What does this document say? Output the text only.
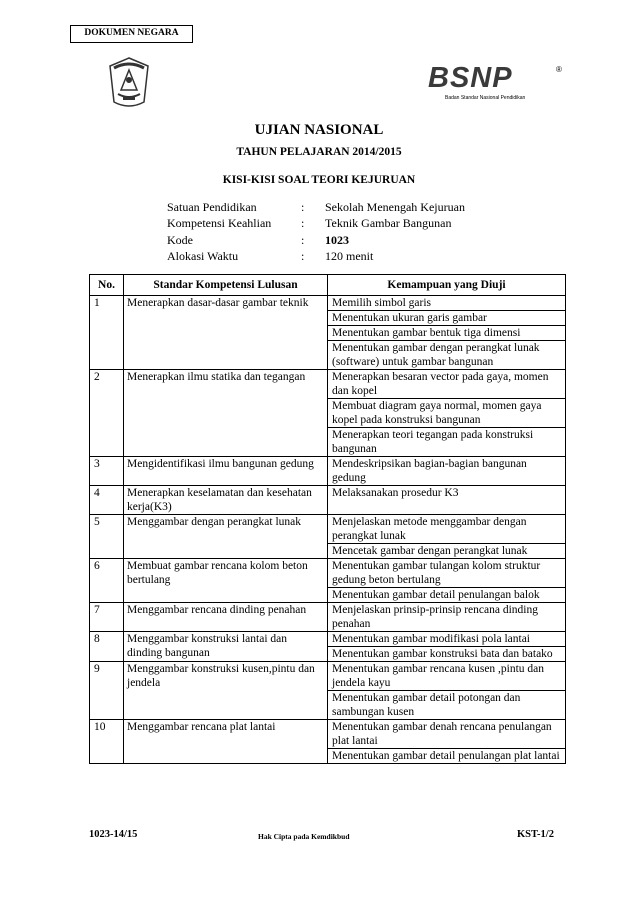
DOKUMEN NEGARA
BSNP	®
Badan Standar Nasional Pendidikan
UJIAN NASIONAL
TAHUN PELAJARAN 2014/2015
KISI-KISI SOAL TEORI KEJURUAN
Satuan Pendidikan	:	Sekolah Menengah Kejuruan
Kompetensi Keahlian	:	Teknik Gambar Bangunan
Kode	:	1023
Alokasi Waktu	:	120 menit
No.	Standar Kompetensi Lulusan	Kemampuan yang Diuji
1	Menerapkan dasar-dasar gambar teknik	Memilih simbol garis
		Menentukan ukuran garis gambar
		Menentukan gambar bentuk tiga dimensi
		Menentukan gambar dengan perangkat lunak (software) untuk gambar bangunan
2	Menerapkan ilmu statika dan tegangan	Menerapkan besaran vector pada gaya, momen dan kopel
		Membuat diagram gaya normal, momen gaya kopel pada konstruksi bangunan
		Menerapkan teori tegangan pada konstruksi bangunan
3	Mengidentifikasi ilmu bangunan gedung	Mendeskripsikan bagian-bagian bangunan gedung
4	Menerapkan keselamatan dan kesehatan kerja(K3)	Melaksanakan prosedur K3
5	Menggambar dengan perangkat lunak	Menjelaskan metode menggambar dengan perangkat lunak
		Mencetak gambar dengan perangkat lunak
6	Membuat gambar rencana kolom beton bertulang	Menentukan gambar tulangan kolom struktur gedung beton bertulang
		Menentukan gambar detail penulangan balok
7	Menggambar rencana dinding penahan	Menjelaskan prinsip-prinsip rencana dinding penahan
8	Menggambar konstruksi lantai dan dinding bangunan	Menentukan gambar modifikasi pola lantai
		Menentukan gambar konstruksi bata dan batako
9	Menggambar konstruksi kusen,pintu dan jendela	Menentukan gambar rencana kusen ,pintu dan jendela kayu
		Menentukan gambar detail potongan dan sambungan kusen
10	Menggambar rencana plat lantai	Menentukan gambar denah rencana penulangan plat lantai
		Menentukan gambar detail penulangan plat lantai
1023-14/15	Hak Cipta pada Kemdikbud	KST-1/2
